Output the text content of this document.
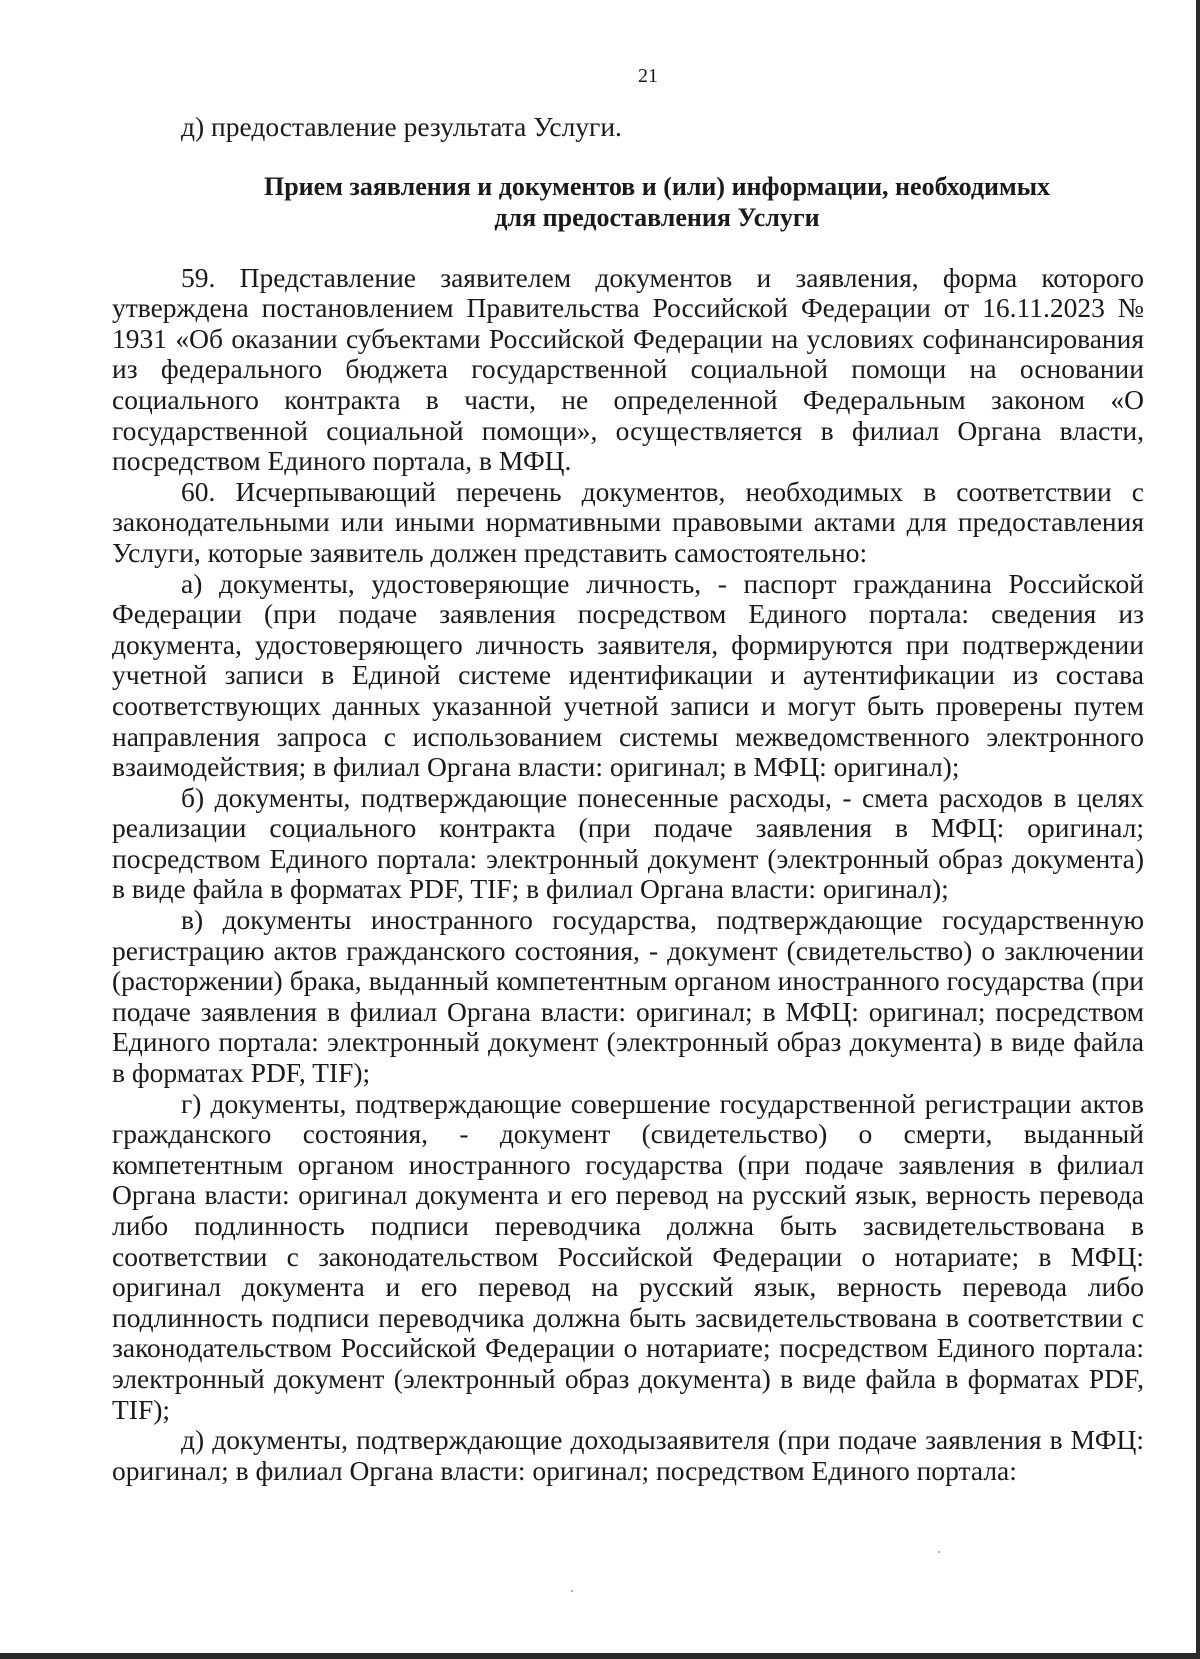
21

д) предоставление результата Услуги.

Прием заявления и документов и (или) информации, необходимых
для предоставления Услуги

59. Представление заявителем документов и заявления, форма которого утверждена постановлением Правительства Российской Федерации от 16.11.2023 № 1931 «Об оказании субъектами Российской Федерации на условиях софинансирования из федерального бюджета государственной социальной помощи на основании социального контракта в части, не определенной Федеральным законом «О государственной социальной помощи», осуществляется в филиал Органа власти, посредством Единого портала, в МФЦ.

60. Исчерпывающий перечень документов, необходимых в соответствии с законодательными или иными нормативными правовыми актами для предоставления Услуги, которые заявитель должен представить самостоятельно:

а) документы, удостоверяющие личность, - паспорт гражданина Российской Федерации (при подаче заявления посредством Единого портала: сведения из документа, удостоверяющего личность заявителя, формируются при подтверждении учетной записи в Единой системе идентификации и аутентификации из состава соответствующих данных указанной учетной записи и могут быть проверены путем направления запроса с использованием системы межведомственного электронного взаимодействия; в филиал Органа власти: оригинал; в МФЦ: оригинал);

б) документы, подтверждающие понесенные расходы, - смета расходов в целях реализации социального контракта (при подаче заявления в МФЦ: оригинал; посредством Единого портала: электронный документ (электронный образ документа) в виде файла в форматах PDF, TIF; в филиал Органа власти: оригинал);

в) документы иностранного государства, подтверждающие государственную регистрацию актов гражданского состояния, - документ (свидетельство) о заключении (расторжении) брака, выданный компетентным органом иностранного государства (при подаче заявления в филиал Органа власти: оригинал; в МФЦ: оригинал; посредством Единого портала: электронный документ (электронный образ документа) в виде файла в форматах PDF, TIF);

г) документы, подтверждающие совершение государственной регистрации актов гражданского состояния, - документ (свидетельство) о смерти, выданный компетентным органом иностранного государства (при подаче заявления в филиал Органа власти: оригинал документа и его перевод на русский язык, верность перевода либо подлинность подписи переводчика должна быть засвидетельствована в соответствии с законодательством Российской Федерации о нотариате; в МФЦ: оригинал документа и его перевод на русский язык, верность перевода либо подлинность подписи переводчика должна быть засвидетельствована в соответствии с законодательством Российской Федерации о нотариате; посредством Единого портала: электронный документ (электронный образ документа) в виде файла в форматах PDF, TIF);

д) документы, подтверждающие доходызаявителя (при подаче заявления в МФЦ: оригинал; в филиал Органа власти: оригинал; посредством Единого портала:
